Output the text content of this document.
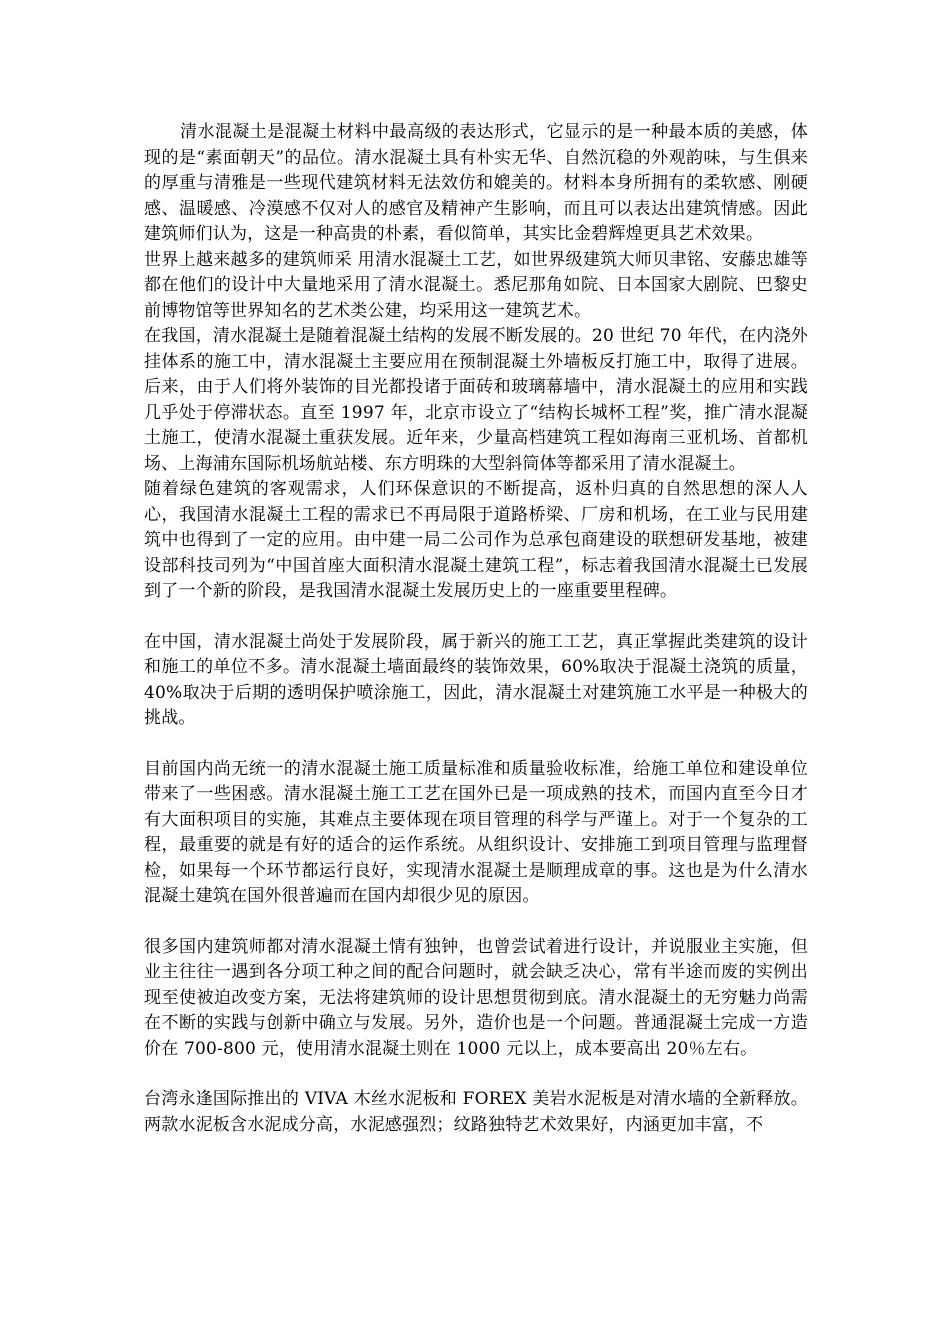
清水混凝土是混凝土材料中最高级的表达形式，它显示的是一种最本质的美感，体现的是“素面朝天”的品位。清水混凝土具有朴实无华、自然沉稳的外观韵味，与生俱来的厚重与清雅是一些现代建筑材料无法效仿和媲美的。材料本身所拥有的柔软感、刚硬感、温暖感、冷漠感不仅对人的感官及精神产生影响，而且可以表达出建筑情感。因此建筑师们认为，这是一种高贵的朴素，看似简单，其实比金碧辉煌更具艺术效果。

世界上越来越多的建筑师采 用清水混凝土工艺，如世界级建筑大师贝聿铭、安藤忠雄等都在他们的设计中大量地采用了清水混凝土。悉尼那角如院、日本国家大剧院、巴黎史前博物馆等世界知名的艺术类公建，均采用这一建筑艺术。

在我国，清水混凝土是随着混凝土结构的发展不断发展的。20 世纪 70 年代，在内浇外挂体系的施工中，清水混凝土主要应用在预制混凝土外墙板反打施工中，取得了进展。后来，由于人们将外装饰的目光都投诸于面砖和玻璃幕墙中，清水混凝土的应用和实践几乎处于停滞状态。直至 1997 年，北京市设立了“结构长城杯工程”奖，推广清水混凝土施工，使清水混凝土重获发展。近年来，少量高档建筑工程如海南三亚机场、首都机场、上海浦东国际机场航站楼、东方明珠的大型斜筒体等都采用了清水混凝土。

随着绿色建筑的客观需求，人们环保意识的不断提高，返朴归真的自然思想的深人人心，我国清水混凝土工程的需求已不再局限于道路桥梁、厂房和机场，在工业与民用建筑中也得到了一定的应用。由中建一局二公司作为总承包商建设的联想研发基地，被建设部科技司列为“中国首座大面积清水混凝土建筑工程”，标志着我国清水混凝土已发展到了一个新的阶段，是我国清水混凝土发展历史上的一座重要里程碑。

在中国，清水混凝土尚处于发展阶段，属于新兴的施工工艺，真正掌握此类建筑的设计和施工的单位不多。清水混凝土墙面最终的装饰效果，60%取决于混凝土浇筑的质量，40%取决于后期的透明保护喷涂施工，因此，清水混凝土对建筑施工水平是一种极大的挑战。

目前国内尚无统一的清水混凝土施工质量标准和质量验收标准，给施工单位和建设单位带来了一些困惑。清水混凝土施工工艺在国外已是一项成熟的技术，而国内直至今日才有大面积项目的实施，其难点主要体现在项目管理的科学与严谨上。对于一个复杂的工程，最重要的就是有好的适合的运作系统。从组织设计、安排施工到项目管理与监理督检，如果每一个环节都运行良好，实现清水混凝土是顺理成章的事。这也是为什么清水混凝土建筑在国外很普遍而在国内却很少见的原因。

很多国内建筑师都对清水混凝土情有独钟，也曾尝试着进行设计，并说服业主实施，但业主往往一遇到各分项工种之间的配合问题时，就会缺乏决心，常有半途而废的实例出现至使被迫改变方案，无法将建筑师的设计思想贯彻到底。清水混凝土的无穷魅力尚需在不断的实践与创新中确立与发展。另外，造价也是一个问题。普通混凝土完成一方造价在 700-800 元，使用清水混凝土则在 1000 元以上，成本要高出 20％左右。

台湾永逢国际推出的 VIVA 木丝水泥板和 FOREX 美岩水泥板是对清水墙的全新释放。两款水泥板含水泥成分高，水泥感强烈；纹路独特艺术效果好，内涵更加丰富，不
